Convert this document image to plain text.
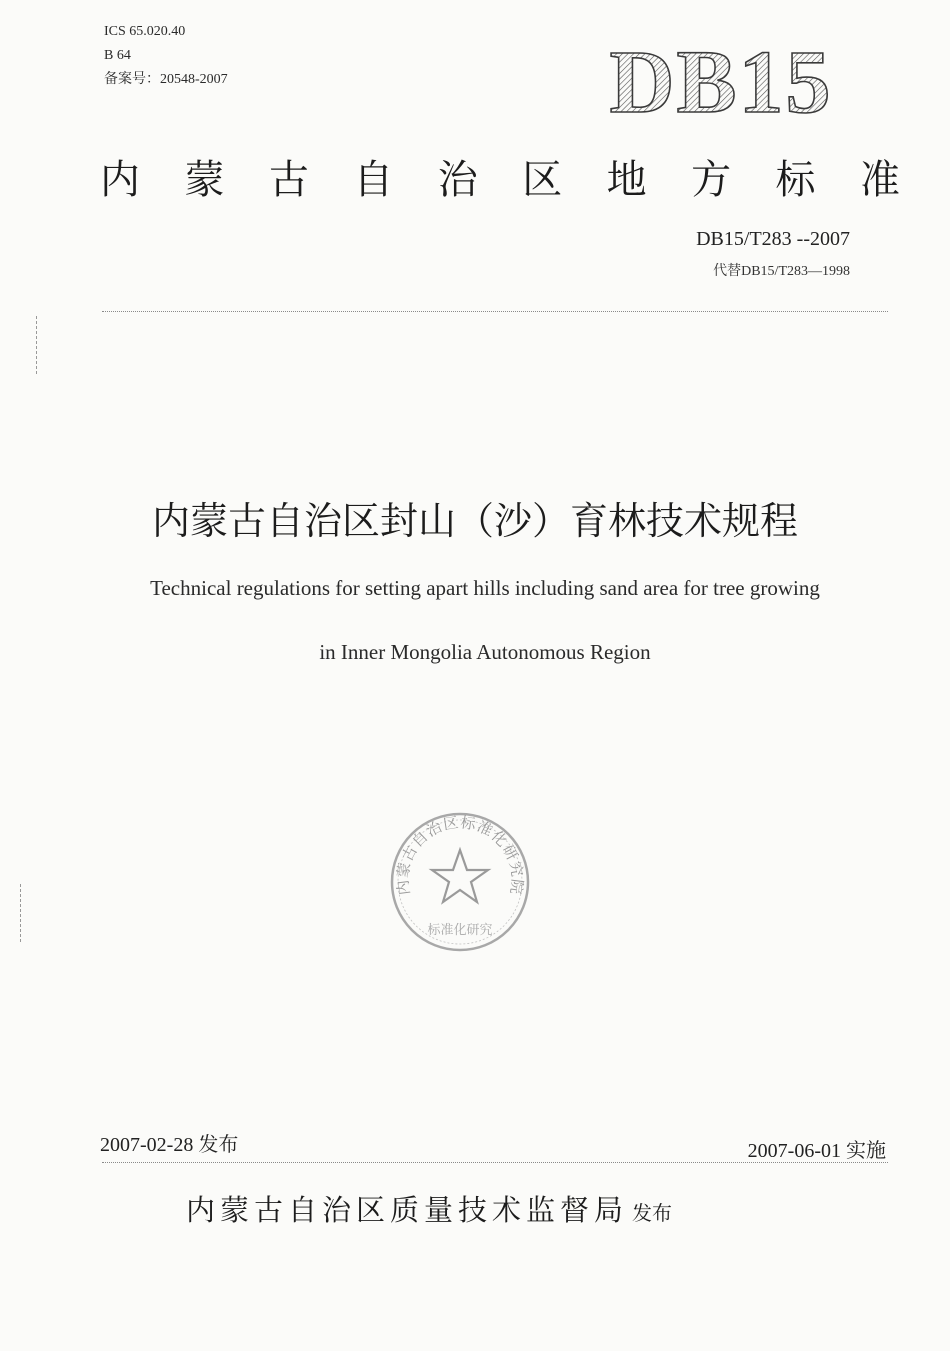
ICS 65.020.40
B 64
备案号：20548-2007	DB15
内 蒙 古 自 治 区 地 方 标 准
DB15/T283 --2007
代替DB15/T283—1998
内蒙古自治区封山（沙）育林技术规程
Technical regulations for setting apart hills including sand area for tree growing
in Inner Mongolia Autonomous Region
内蒙古自治区标准化研究院
标准化研究
2007-02-28 发布	2007-06-01 实施
内蒙古自治区质量技术监督局 发布
